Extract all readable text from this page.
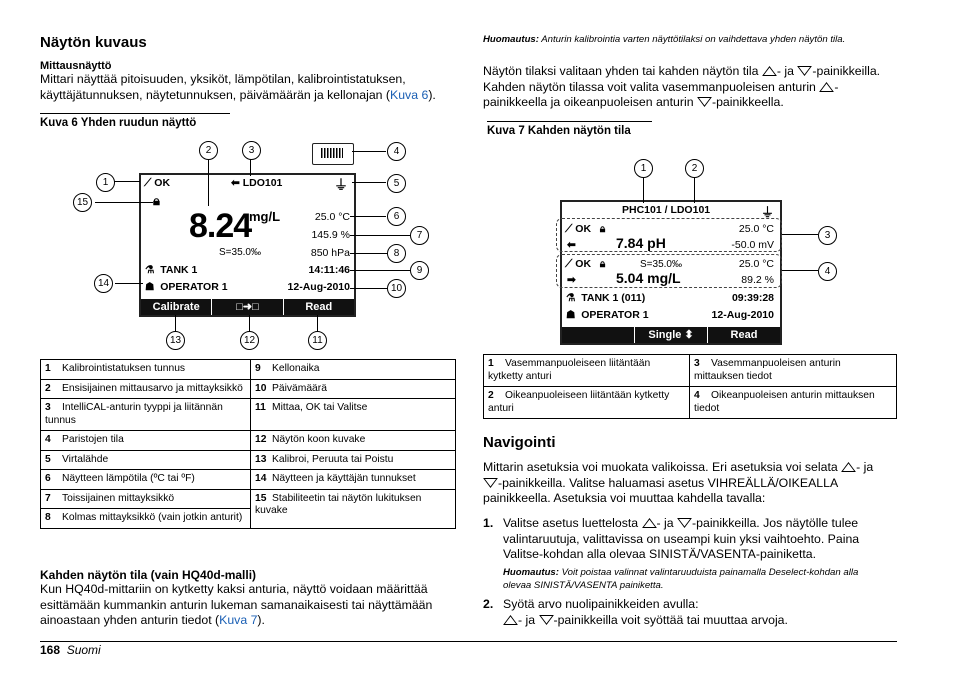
Näytön kuvaus
Mittausnäyttö
Mittari näyttää pitoisuuden, yksiköt, lämpötilan, kalibrointistatuksen, käyttäjätunnuksen, näytetunnuksen, päivämäärän ja kellonajan (Kuva 6).
Kuva 6 Yhden ruudun näyttö
⟋ OK	⬅ LDO101	⏚
🔒︎
8.24
mg/L
S=35.0‰
25.0 °C
145.9 %
850 hPa
⚗  TANK 1
☗  OPERATOR 1
14:11:46
12-Aug-2010
Calibrate	□➜□	Read
1
2	3	4
5
6
7
8
9
10
11
12
13
14
15
1 Kalibrointistatuksen tunnus	9 Kellonaika
2 Ensisijainen mittausarvo ja mittayksikkö	10 Päivämäärä
3 IntelliCAL-anturin tyyppi ja liitännän tunnus	11 Mittaa, OK tai Valitse
4 Paristojen tila	12 Näytön koon kuvake
5 Virtalähde	13 Kalibroi, Peruuta tai Poistu
6 Näytteen lämpötila (ºC tai ºF)	14 Näytteen ja käyttäjän tunnukset
7 Toissijainen mittayksikkö	15 Stabiliteetin tai näytön lukituksen kuvake
8 Kolmas mittayksikkö (vain jotkin anturit)	
Kahden näytön tila (vain HQ40d-malli)
Kun HQ40d-mittariin on kytketty kaksi anturia, näyttö voidaan määrittää esittämään kummankin anturin lukeman samanaikaisesti tai näyttämään ainoastaan yhden anturin tiedot (Kuva 7).
168 Suomi
Huomautus: Anturin kalibrointia varten näyttötilaksi on vaihdettava yhden näytön tila.
Näytön tilaksi valitaan yhden tai kahden näytön tila - ja -painikkeilla. Kahden näytön tilassa voit valita vasemmanpuoleisen anturin -painikkeella ja oikeanpuoleisen anturin -painikkeella.
Kuva 7 Kahden näytön tila
PHC101 / LDO101	⏚
⟋ OK   🔒︎	25.0 °C
⬅	7.84 pH	-50.0 mV
⟋ OK   🔒︎	S=35.0‰	25.0 °C
➡	5.04 mg/L	89.2 %
⚗  TANK 1 (011)	09:39:28
☗  OPERATOR 1	12-Aug-2010
Single ⬍	Read
1	2
3
4
1 Vasemmanpuoleiseen liitäntään kytketty anturi	3 Vasemmanpuoleisen anturin mittauksen tiedot
2 Oikeanpuoleiseen liitäntään kytketty anturi	4 Oikeanpuoleisen anturin mittauksen tiedot
Navigointi
Mittarin asetuksia voi muokata valikoissa. Eri asetuksia voi selata - ja
-painikkeilla. Valitse haluamasi asetus VIHREÄLLÄ/OIKEALLA painikkeella. Asetuksia voi muuttaa kahdella tavalla:
1. Valitse asetus luettelosta - ja -painikkeilla. Jos näytölle tulee valintaruutuja, valittavissa on useampi kuin yksi vaihtoehto. Paina Valitse-kohdan alla olevaa SINISTÄ/VASENTA-painiketta.
Huomautus: Voit poistaa valinnat valintaruuduista painamalla Deselect-kohdan alla olevaa SINISTÄ/VASENTA painiketta.
2. Syötä arvo nuolipainikkeiden avulla:
- ja -painikkeilla voit syöttää tai muuttaa arvoja.
